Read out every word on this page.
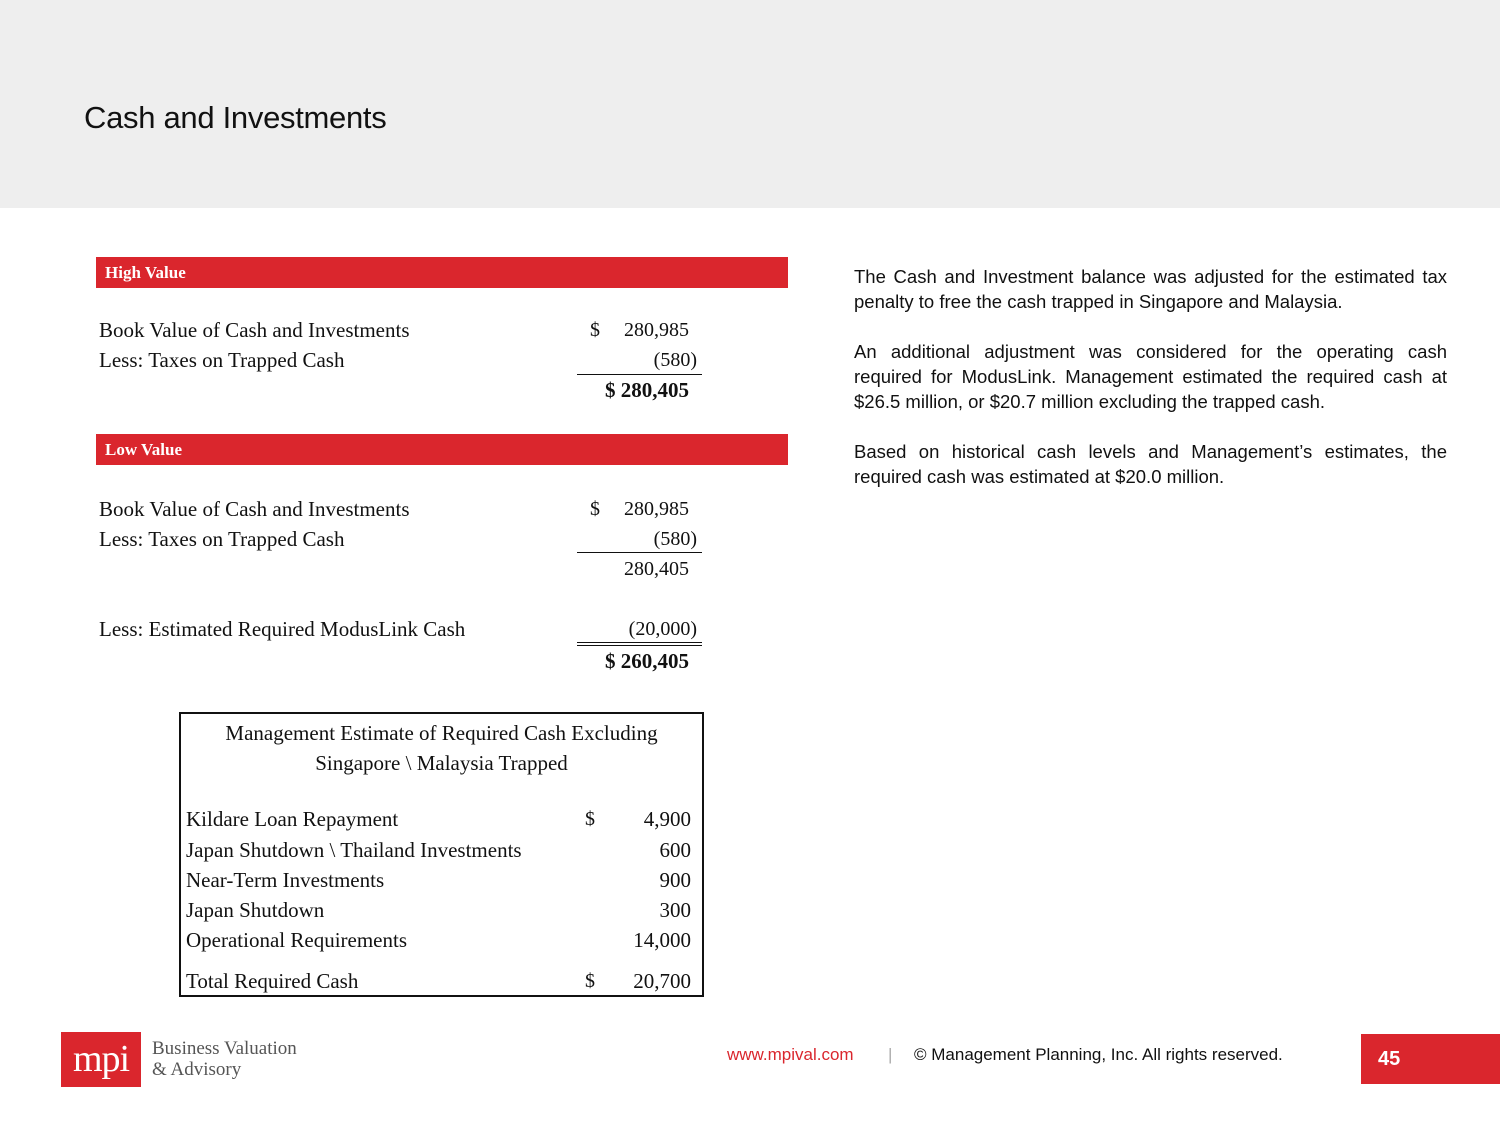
Cash and Investments
High Value
Book Value of Cash and Investments	$ 280,985
Less: Taxes on Trapped Cash	(580)
$ 280,405
Low Value
Book Value of Cash and Investments	$ 280,985
Less: Taxes on Trapped Cash	(580)
280,405
Less: Estimated Required ModusLink Cash	(20,000)
$ 260,405
Management Estimate of Required Cash Excluding
Singapore \ Malaysia Trapped
Kildare Loan Repayment	$ 4,900
Japan Shutdown \ Thailand Investments	600
Near-Term Investments	900
Japan Shutdown	300
Operational Requirements	14,000
Total Required Cash	$ 20,700

The Cash and Investment balance was adjusted for the estimated tax penalty to free the cash trapped in Singapore and Malaysia.

An additional adjustment was considered for the operating cash required for ModusLink. Management estimated the required cash at $26.5 million, or $20.7 million excluding the trapped cash.

Based on historical cash levels and Management’s estimates, the required cash was estimated at $20.0 million.

mpi	Business Valuation
& Advisory
www.mpival.com | © Management Planning, Inc. All rights reserved.	45
